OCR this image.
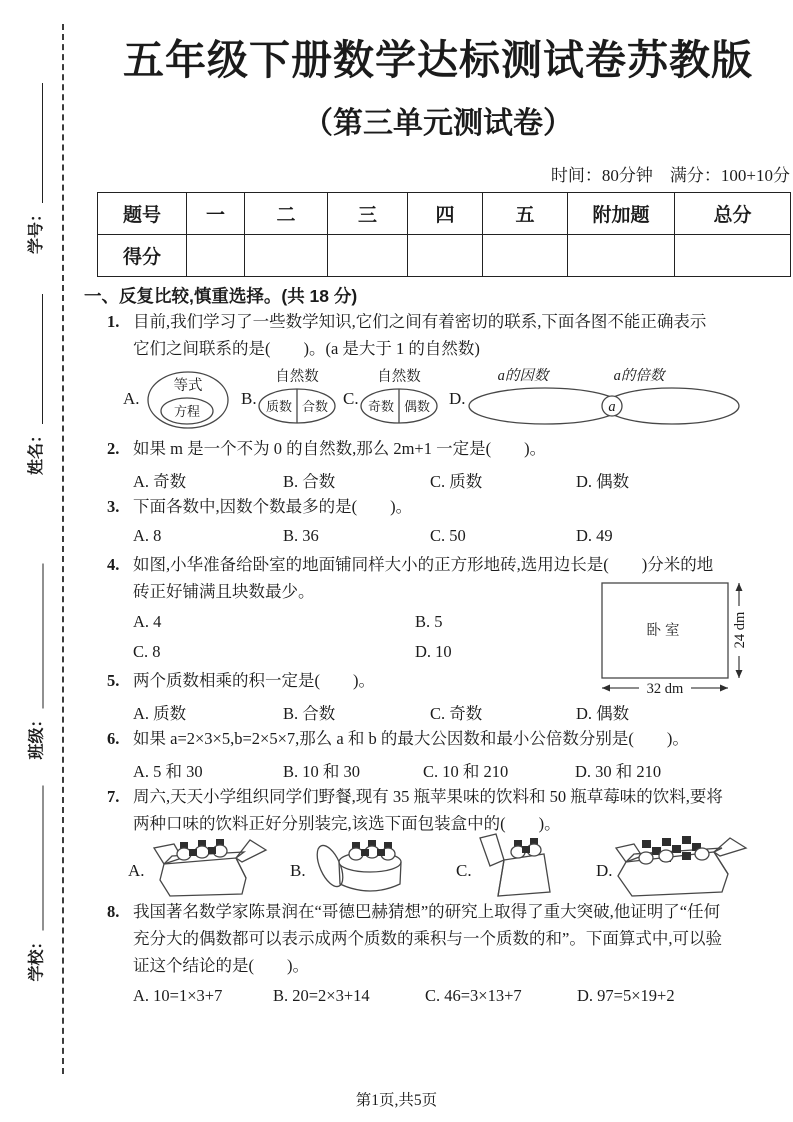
学号：
姓名：
班级：
学校：
五年级下册数学达标测试卷苏教版
（第三单元测试卷）
时间：80分钟　满分：100+10分
题号	一	二	三	四	五	附加题	总分
得分							
一、反复比较,慎重选择。(共 18 分)
1. 目前,我们学习了一些数学知识,它们之间有着密切的联系,下面各图不能正确表示
它们之间联系的是(　　)。(a 是大于 1 的自然数)
A.
等式
方程
B.
自然数
质数 合数 C.
自然数
奇数 偶数 D.
a的因数	a的倍数
a
2. 如果 m 是一个不为 0 的自然数,那么 2m+1 一定是(　　)。
A. 奇数	B. 合数	C. 质数	D. 偶数
3. 下面各数中,因数个数最多的是(　　)。
A. 8	B. 36	C. 50	D. 49
4. 如图,小华准备给卧室的地面铺同样大小的正方形地砖,选用边长是(　　)分米的地
砖正好铺满且块数最少。
A. 4	B. 5
C. 8	D. 10
卧室	24 dm
32 dm
5. 两个质数相乘的积一定是(　　)。
A. 质数	B. 合数	C. 奇数	D. 偶数
6. 如果 a=2×3×5,b=2×5×7,那么 a 和 b 的最大公因数和最小公倍数分别是(　　)。
A. 5 和 30	B. 10 和 30	C. 10 和 210	D. 30 和 210
7. 周六,天天小学组织同学们野餐,现有 35 瓶苹果味的饮料和 50 瓶草莓味的饮料,要将
两种口味的饮料正好分别装完,该选下面包装盒中的(　　)。
A.	B.	C.	D.
8. 我国著名数学家陈景润在“哥德巴赫猜想”的研究上取得了重大突破,他证明了“任何
充分大的偶数都可以表示成两个质数的乘积与一个质数的和”。下面算式中,可以验
证这个结论的是(　　)。
A. 10=1×3+7	B. 20=2×3+14	C. 46=3×13+7	D. 97=5×19+2
第1页,共5页
